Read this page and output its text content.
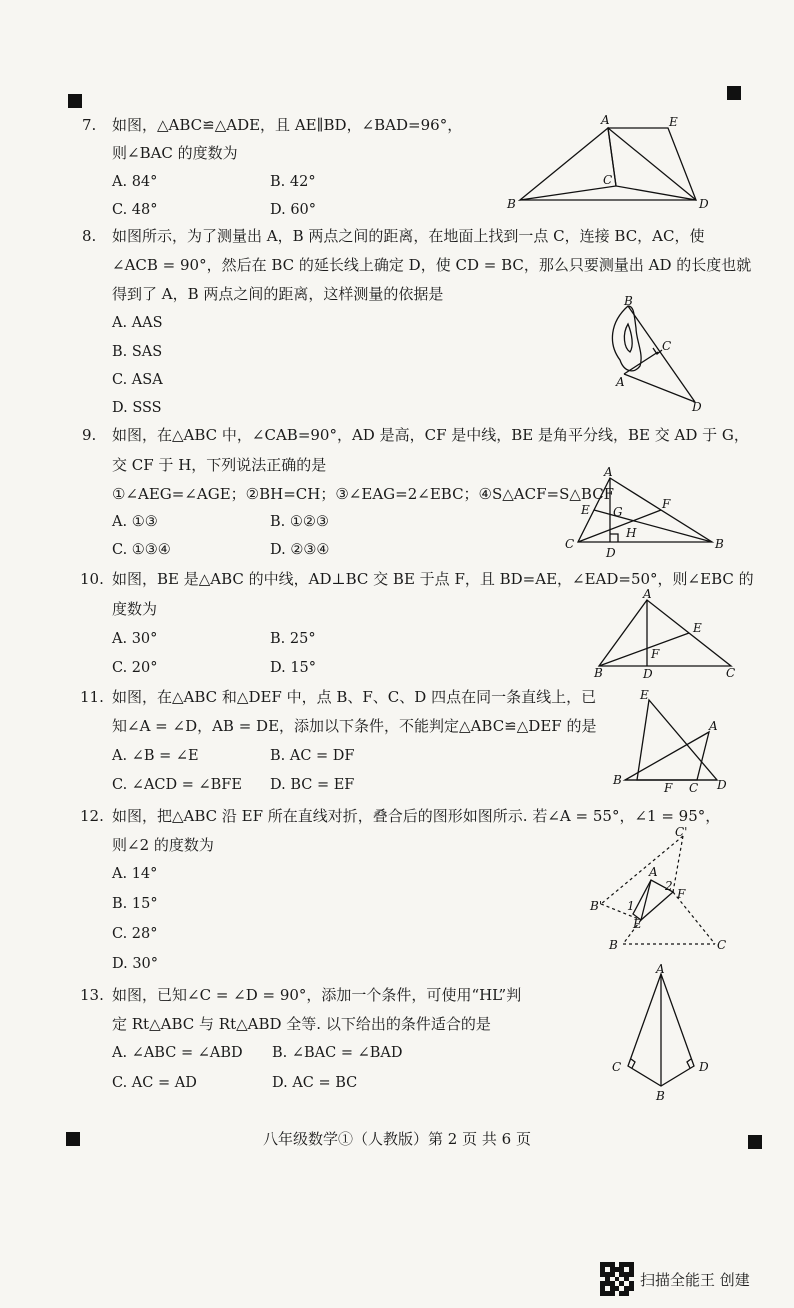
7. 如图，△ABC≌△ADE，且 AE∥BD，∠BAD=96°，
则∠BAC 的度数为
A. 84°	B. 42°
C. 48°	D. 60°
A	E
C
B	D
8. 如图所示，为了测量出 A，B 两点之间的距离，在地面上找到一点 C，连接 BC，AC，使
∠ACB = 90°，然后在 BC 的延长线上确定 D，使 CD = BC，那么只要测量出 AD 的长度也就
得到了 A，B 两点之间的距离，这样测量的依据是
A. AAS
B. SAS
C. ASA
D. SSS
B
C
A
D
9. 如图，在△ABC 中，∠CAB=90°，AD 是高，CF 是中线，BE 是角平分线，BE 交 AD 于 G，
交 CF 于 H，下列说法正确的是
①∠AEG=∠AGE；②BH=CH；③∠EAG=2∠EBC；④S△ACF=S△BCF
A. ①③	B. ①②③
C. ①③④	D. ②③④
A
F
E G
H
C
D
B
10. 如图，BE 是△ABC 的中线，AD⊥BC 交 BE 于点 F，且 BD=AE，∠EAD=50°，则∠EBC 的
度数为
A. 30°	B. 25°
C. 20°	D. 15°
A
E
F
B	D	C
11. 如图，在△ABC 和△DEF 中，点 B、F、C、D 四点在同一条直线上，已
知∠A = ∠D，AB = DE，添加以下条件，不能判定△ABC≌△DEF 的是
A. ∠B = ∠E	B. AC = DF
C. ∠ACD = ∠BFE D. BC = EF
E
A
B
F C D
12. 如图，把△ABC 沿 EF 所在直线对折，叠合后的图形如图所示. 若∠A = 55°，∠1 = 95°，
则∠2 的度数为
A. 14°
B. 15°
C. 28°
D. 30°
C'
A
2
F
B' 1
E
B	C
13. 如图，已知∠C = ∠D = 90°，添加一个条件，可使用“HL”判
定 Rt△ABC 与 Rt△ABD 全等. 以下给出的条件适合的是
A. ∠ABC = ∠ABD B. ∠BAC = ∠BAD
C. AC = AD	D. AC = BC
A
C	D
B
八年级数学①（人教版）第 2 页 共 6 页
扫描全能王 创建
